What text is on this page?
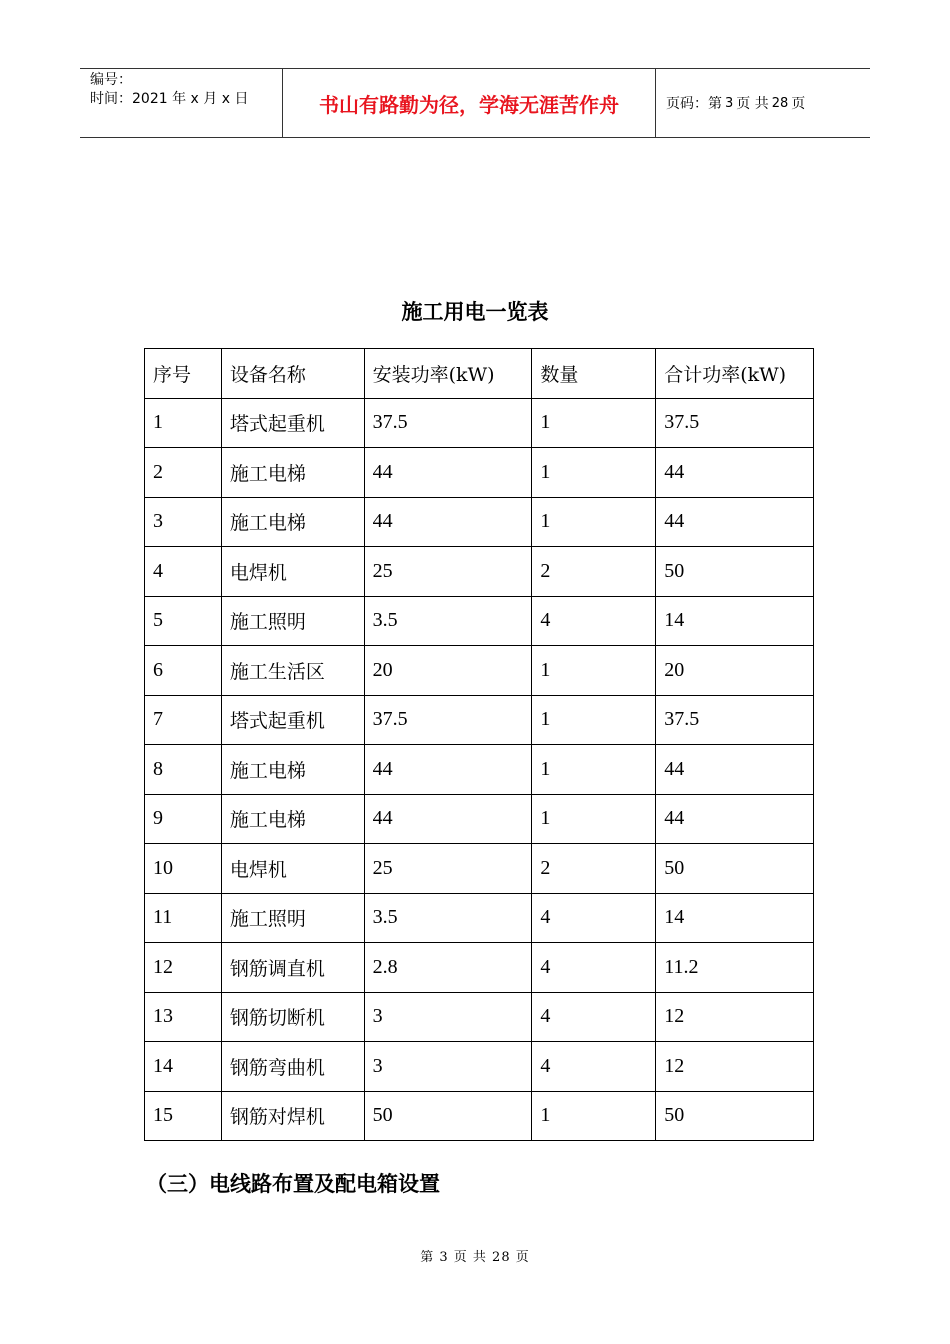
编号：
时间：2021 年 x 月 x 日	书山有路勤为径，学海无涯苦作舟	页码：第 3 页 共 28 页
施工用电一览表
序号	设备名称	安装功率(kW)	数量	合计功率(kW)
1	塔式起重机	37.5	1	37.5
2	施工电梯	44	1	44
3	施工电梯	44	1	44
4	电焊机	25	2	50
5	施工照明	3.5	4	14
6	施工生活区	20	1	20
7	塔式起重机	37.5	1	37.5
8	施工电梯	44	1	44
9	施工电梯	44	1	44
10	电焊机	25	2	50
11	施工照明	3.5	4	14
12	钢筋调直机	2.8	4	11.2
13	钢筋切断机	3	4	12
14	钢筋弯曲机	3	4	12
15	钢筋对焊机	50	1	50
（三）电线路布置及配电箱设置
第 3 页 共 28 页
